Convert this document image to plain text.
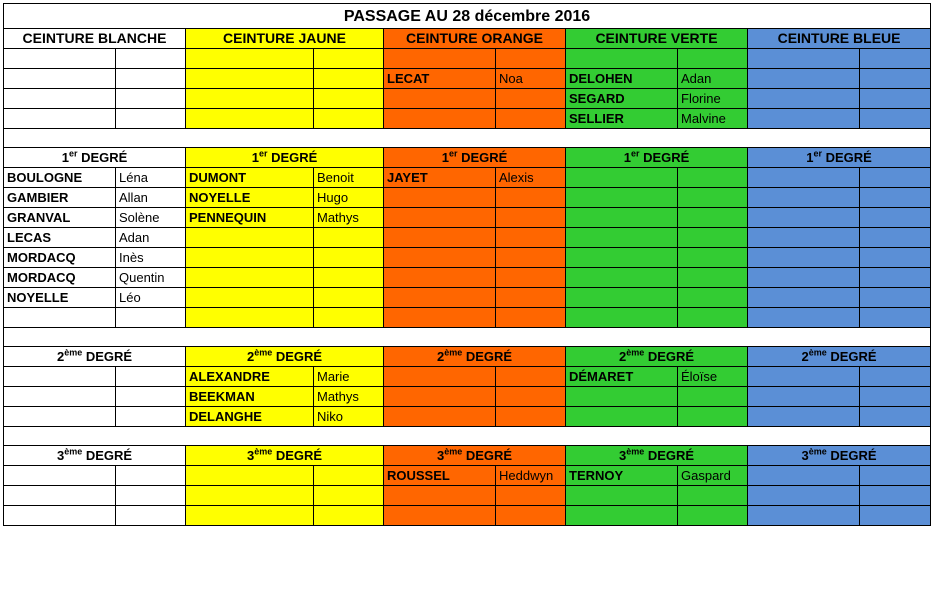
PASSAGE AU 28 décembre 2016									
CEINTURE BLANCHE		CEINTURE JAUNE		CEINTURE ORANGE		CEINTURE VERTE		CEINTURE BLEUE	

				LECAT	Noa	DELOHEN	Adan		
						SEGARD	Florine		
						SELLIER	Malvine		

1er DEGRÉ		1er DEGRÉ		1er DEGRÉ		1er DEGRÉ		1er DEGRÉ	
BOULOGNE	Léna	DUMONT	Benoit	JAYET	Alexis				
GAMBIER	Allan	NOYELLE	Hugo						
GRANVAL	Solène	PENNEQUIN	Mathys						
LECAS	Adan								
MORDACQ	Inès								
MORDACQ	Quentin								
NOYELLE	Léo								

2ème DEGRÉ		2ème DEGRÉ		2ème DEGRÉ		2ème DEGRÉ		2ème DEGRÉ	
		ALEXANDRE	Marie			DÉMARET	Éloïse		
		BEEKMAN	Mathys						
		DELANGHE	Niko						

3ème DEGRÉ		3ème DEGRÉ		3ème DEGRÉ		3ème DEGRÉ		3ème DEGRÉ	
				ROUSSEL	Heddwyn	TERNOY	Gaspard		
